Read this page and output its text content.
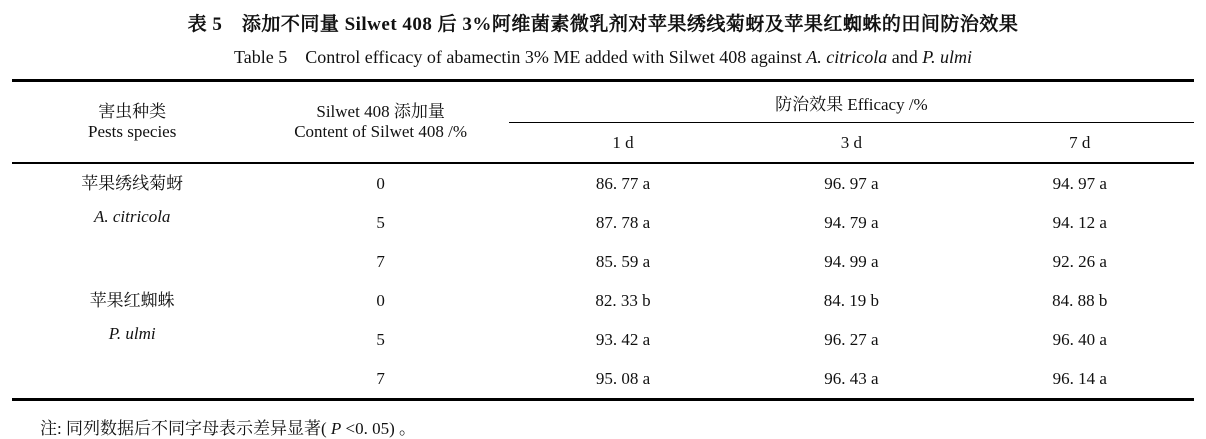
表 5　添加不同量 Silwet 408 后 3%阿维菌素微乳剂对苹果绣线菊蚜及苹果红蜘蛛的田间防治效果
Table 5　Control efficacy of abamectin 3% ME added with Silwet 408 against A. citricola and P. ulmi
害虫种类
Pests species

Silwet 408 添加量
Content of Silwet 408 /%
	防治效果 Efficacy /%
		1 d	3 d	7 d

苹果绣线菊蚜
A. citricola	0	86. 77 a	96. 97 a	94. 97 a
	5	87. 78 a	94. 79 a	94. 12 a
	7	85. 59 a	94. 99 a	92. 26 a

苹果红蜘蛛
P. ulmi	0	82. 33 b	84. 19 b	84. 88 b
	5	93. 42 a	96. 27 a	96. 40 a
	7	95. 08 a	96. 43 a	96. 14 a
注: 同列数据后不同字母表示差异显著( P <0. 05) 。
